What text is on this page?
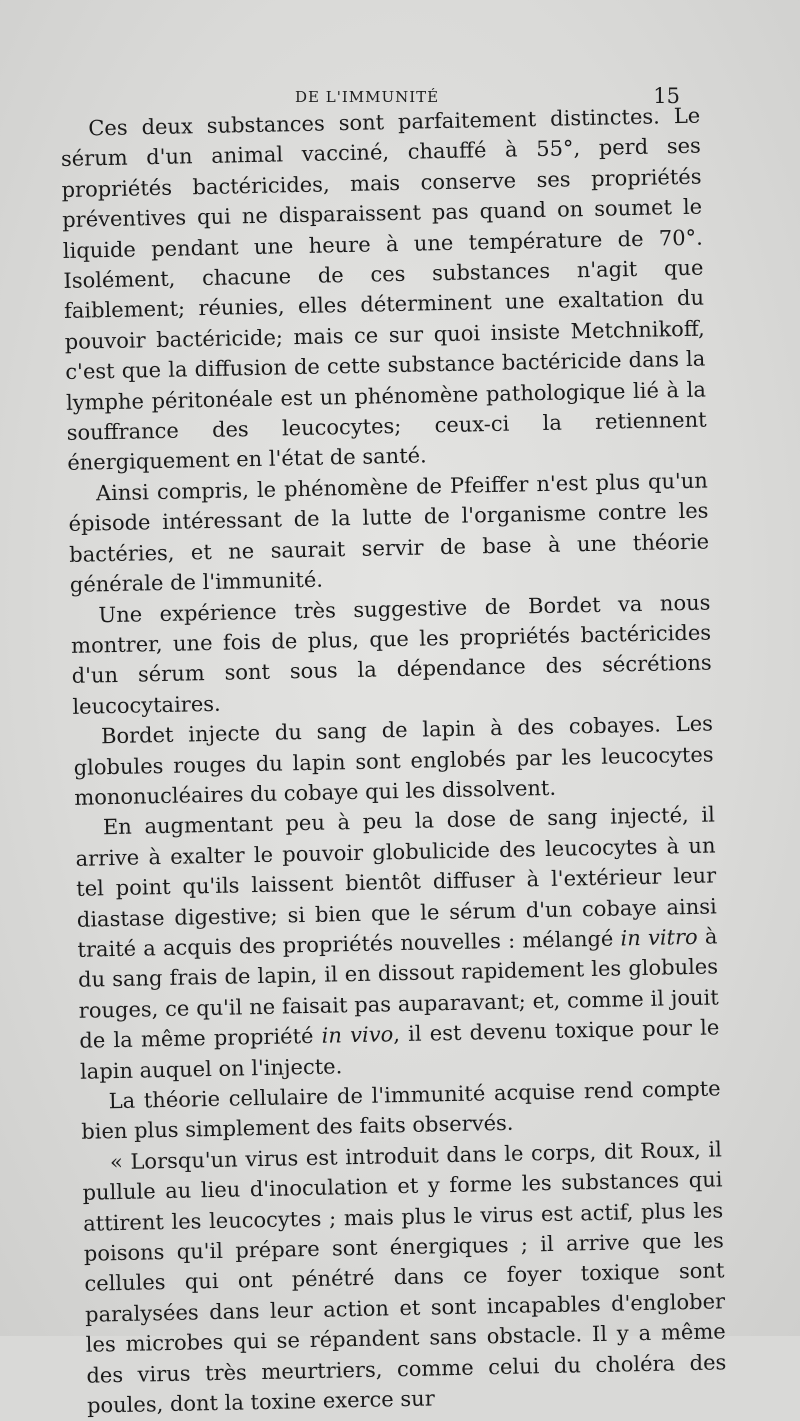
DE L'IMMUNITÉ	15

Ces deux substances sont parfaitement distinctes. Le sérum d'un animal vacciné, chauffé à 55°, perd ses propriétés bactéricides, mais conserve ses propriétés préventives qui ne disparaissent pas quand on soumet le liquide pendant une heure à une température de 70°. Isolément, chacune de ces substances n'agit que faiblement; réunies, elles déterminent une exaltation du pouvoir bactéricide; mais ce sur quoi insiste Metchnikoff, c'est que la diffusion de cette substance bactéricide dans la lymphe péritonéale est un phénomène pathologique lié à la souffrance des leucocytes; ceux-ci la retiennent énergiquement en l'état de santé.

Ainsi compris, le phénomène de Pfeiffer n'est plus qu'un épisode intéressant de la lutte de l'organisme contre les bactéries, et ne saurait servir de base à une théorie générale de l'immunité.

Une expérience très suggestive de Bordet va nous montrer, une fois de plus, que les propriétés bactéricides d'un sérum sont sous la dépendance des sécrétions leucocytaires.

Bordet injecte du sang de lapin à des cobayes. Les globules rouges du lapin sont englobés par les leucocytes mononucléaires du cobaye qui les dissolvent.

En augmentant peu à peu la dose de sang injecté, il arrive à exalter le pouvoir globulicide des leucocytes à un tel point qu'ils laissent bientôt diffuser à l'extérieur leur diastase digestive; si bien que le sérum d'un cobaye ainsi traité a acquis des propriétés nouvelles : mélangé in vitro à du sang frais de lapin, il en dissout rapidement les globules rouges, ce qu'il ne faisait pas auparavant; et, comme il jouit de la même propriété in vivo, il est devenu toxique pour le lapin auquel on l'injecte.

La théorie cellulaire de l'immunité acquise rend compte bien plus simplement des faits observés.

« Lorsqu'un virus est introduit dans le corps, dit Roux, il pullule au lieu d'inoculation et y forme les substances qui attirent les leucocytes ; mais plus le virus est actif, plus les poisons qu'il prépare sont énergiques ; il arrive que les cellules qui ont pénétré dans ce foyer toxique sont paralysées dans leur action et sont incapables d'englober les microbes qui se répandent sans obstacle. Il y a même des virus très meurtriers, comme celui du choléra des poules, dont la toxine exerce sur
